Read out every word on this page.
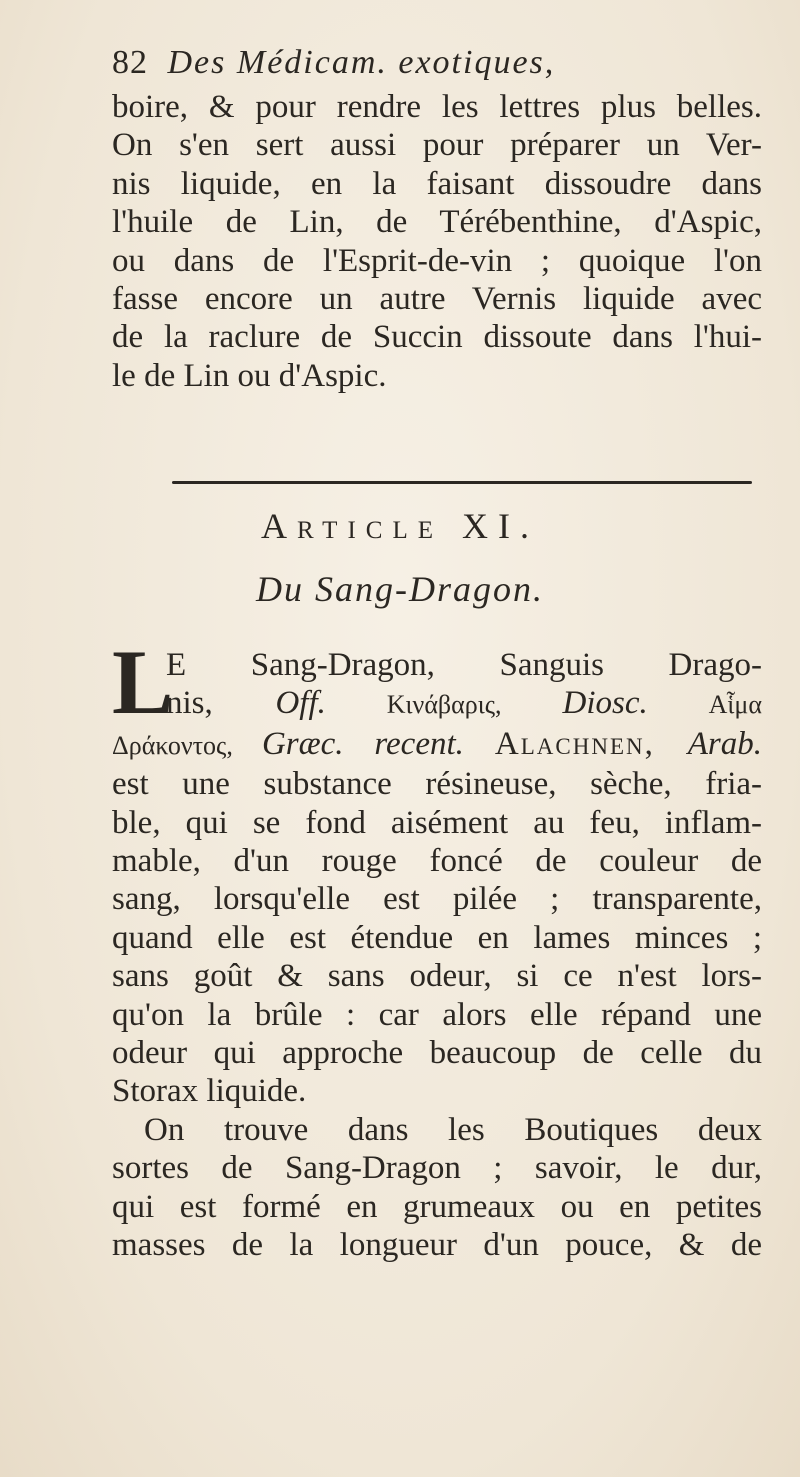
82 Des Médicam. exotiques,
boire, & pour rendre les lettres plus belles.
On s'en sert aussi pour préparer un Ver-
nis liquide, en la faisant dissoudre dans
l'huile de Lin, de Térébenthine, d'Aspic,
ou dans de l'Esprit-de-vin ; quoique l'on
fasse encore un autre Vernis liquide avec
de la raclure de Succin dissoute dans l'hui-
le de Lin ou d'Aspic.
Article XI.
Du Sang-Dragon.
L
E Sang-Dragon, Sanguis Drago-
nis, Off. Κινάβαρις, Diosc. Αἷμα
Δράκοντος, Græc. recent. Alachnen, Arab.
est une substance résineuse, sèche, fria-
ble, qui se fond aisément au feu, inflam-
mable, d'un rouge foncé de couleur de
sang, lorsqu'elle est pilée ; transparente,
quand elle est étendue en lames minces ;
sans goût & sans odeur, si ce n'est lors-
qu'on la brûle : car alors elle répand une
odeur qui approche beaucoup de celle du
Storax liquide.
On trouve dans les Boutiques deux
sortes de Sang-Dragon ; savoir, le dur,
qui est formé en grumeaux ou en petites
masses de la longueur d'un pouce, & de
